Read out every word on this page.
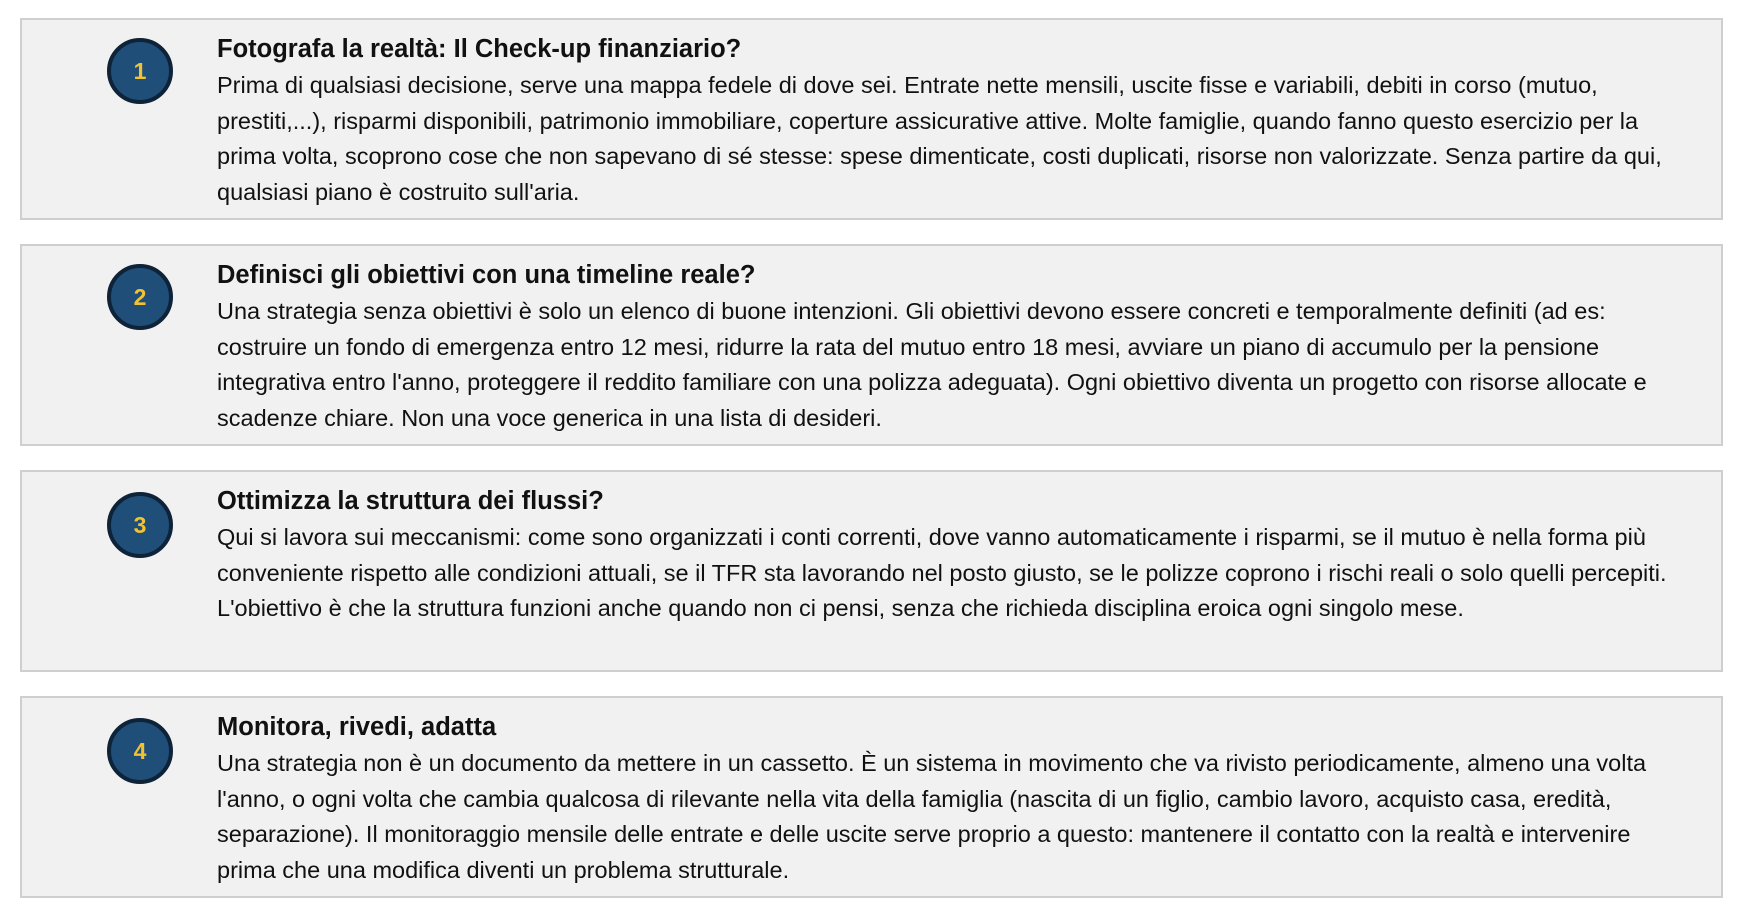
1

Fotografa la realtà: Il Check-up finanziario?

Prima di qualsiasi decisione, serve una mappa fedele di dove sei. Entrate nette mensili, uscite fisse e variabili, debiti in corso (mutuo, prestiti,...), risparmi disponibili, patrimonio immobiliare, coperture assicurative attive. Molte famiglie, quando fanno questo esercizio per la prima volta, scoprono cose che non sapevano di sé stesse: spese dimenticate, costi duplicati, risorse non valorizzate. Senza partire da qui, qualsiasi piano è costruito sull'aria.

2

Definisci gli obiettivi con una timeline reale?

Una strategia senza obiettivi è solo un elenco di buone intenzioni. Gli obiettivi devono essere concreti e temporalmente definiti (ad es: costruire un fondo di emergenza entro 12 mesi, ridurre la rata del mutuo entro 18 mesi, avviare un piano di accumulo per la pensione integrativa entro l'anno, proteggere il reddito familiare con una polizza adeguata). Ogni obiettivo diventa un progetto con risorse allocate e scadenze chiare. Non una voce generica in una lista di desideri.

3

Ottimizza la struttura dei flussi?

Qui si lavora sui meccanismi: come sono organizzati i conti correnti, dove vanno automaticamente i risparmi, se il mutuo è nella forma più conveniente rispetto alle condizioni attuali, se il TFR sta lavorando nel posto giusto, se le polizze coprono i rischi reali o solo quelli percepiti. L'obiettivo è che la struttura funzioni anche quando non ci pensi, senza che richieda disciplina eroica ogni singolo mese.

4

Monitora, rivedi, adatta

Una strategia non è un documento da mettere in un cassetto. È un sistema in movimento che va rivisto periodicamente, almeno una volta l'anno, o ogni volta che cambia qualcosa di rilevante nella vita della famiglia (nascita di un figlio, cambio lavoro, acquisto casa, eredità, separazione). Il monitoraggio mensile delle entrate e delle uscite serve proprio a questo: mantenere il contatto con la realtà e intervenire prima che una modifica diventi un problema strutturale.
